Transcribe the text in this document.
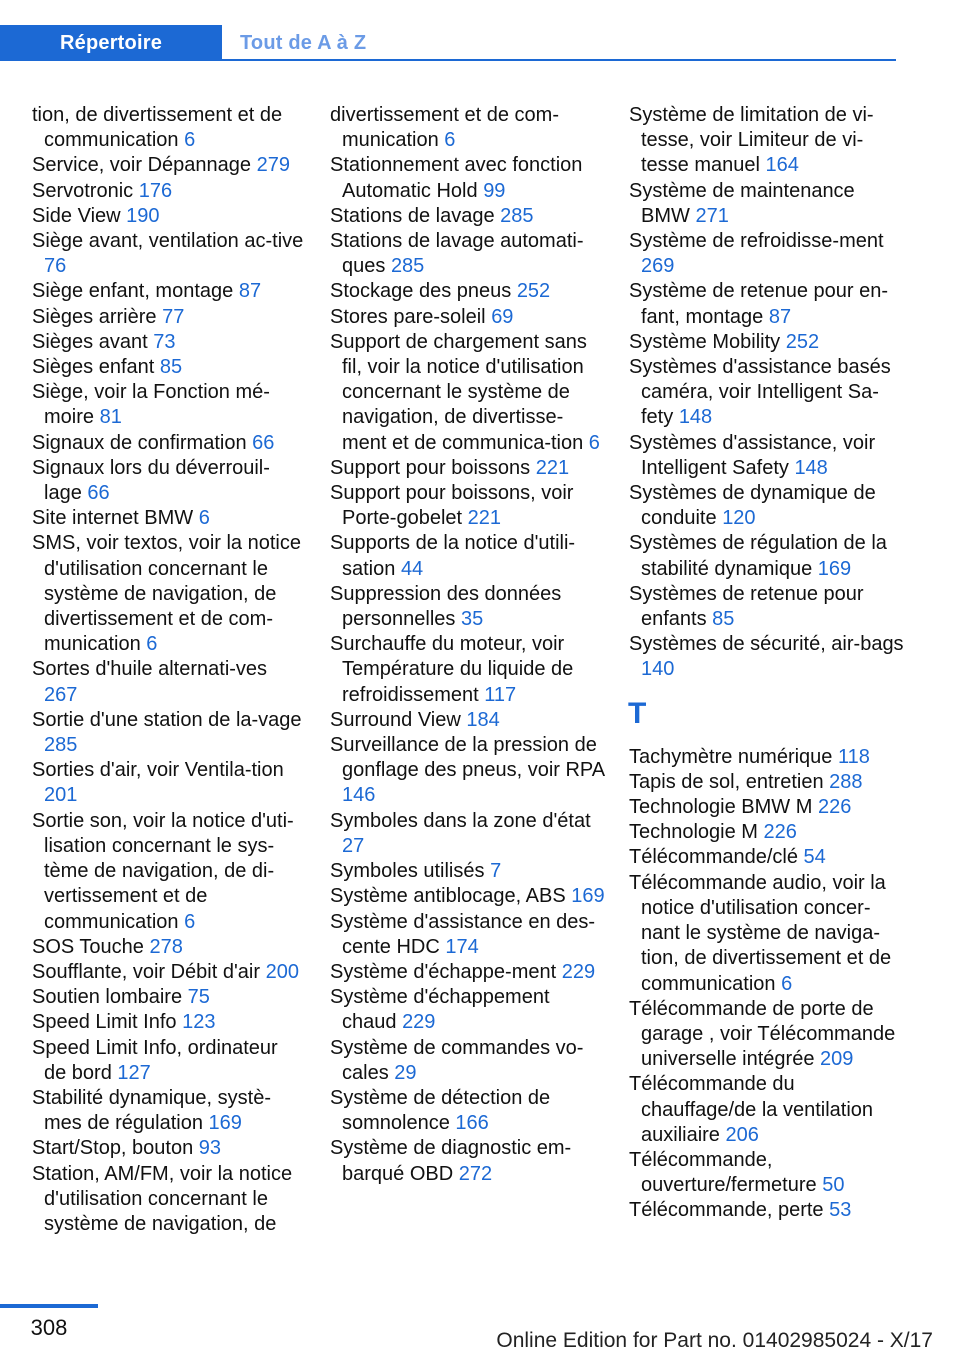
Répertoire	Tout de A à Z
tion, de divertissement et de communication 6
Service, voir Dépannage 279
Servotronic 176
Side View 190
Siège avant, ventilation ac‐tive 76
Siège enfant, montage 87
Sièges arrière 77
Sièges avant 73
Sièges enfant 85
Siège, voir la Fonction mé‐moire 81
Signaux de confirmation 66
Signaux lors du déverrouil‐lage 66
Site internet BMW 6
SMS, voir textos, voir la notice d'utilisation concernant le système de navigation, de divertissement et de com‐munication 6
Sortes d'huile alternati‐ves 267
Sortie d'une station de la‐vage 285
Sorties d'air, voir Ventila‐tion 201
Sortie son, voir la notice d'uti‐lisation concernant le sys‐tème de navigation, de di‐vertissement et de communication 6
SOS Touche 278
Soufflante, voir Débit d'air 200
Soutien lombaire 75
Speed Limit Info 123
Speed Limit Info, ordinateur de bord 127
Stabilité dynamique, systè‐mes de régulation 169
Start/Stop, bouton 93
Station, AM/FM, voir la notice d'utilisation concernant le système de navigation, de
divertissement et de com‐munication 6
Stationnement avec fonction Automatic Hold 99
Stations de lavage 285
Stations de lavage automati‐ques 285
Stockage des pneus 252
Stores pare-soleil 69
Support de chargement sans fil, voir la notice d'utilisation concernant le système de navigation, de divertisse‐ment et de communica‐tion 6
Support pour boissons 221
Support pour boissons, voir Porte-gobelet 221
Supports de la notice d'utili‐sation 44
Suppression des données personnelles 35
Surchauffe du moteur, voir Température du liquide de refroidissement 117
Surround View 184
Surveillance de la pression de gonflage des pneus, voir RPA 146
Symboles dans la zone d'état 27
Symboles utilisés 7
Système antiblocage, ABS 169
Système d'assistance en des‐cente HDC 174
Système d'échappe‐ment 229
Système d'échappement chaud 229
Système de commandes vo‐cales 29
Système de détection de somnolence 166
Système de diagnostic em‐barqué OBD 272
Système de limitation de vi‐tesse, voir Limiteur de vi‐tesse manuel 164
Système de maintenance BMW 271
Système de refroidisse‐ment 269
Système de retenue pour en‐fant, montage 87
Système Mobility 252
Systèmes d'assistance basés caméra, voir Intelligent Sa‐fety 148
Systèmes d'assistance, voir Intelligent Safety 148
Systèmes de dynamique de conduite 120
Systèmes de régulation de la stabilité dynamique 169
Systèmes de retenue pour enfants 85
Systèmes de sécurité, air‐bags 140
T
Tachymètre numérique 118
Tapis de sol, entretien 288
Technologie BMW M 226
Technologie M 226
Télécommande/clé 54
Télécommande audio, voir la notice d'utilisation concer‐nant le système de naviga‐tion, de divertissement et de communication 6
Télécommande de porte de garage , voir Télécommande universelle intégrée 209
Télécommande du chauffage/de la ventilation auxiliaire 206
Télécommande, ouverture/fermeture 50
Télécommande, perte 53
308
Online Edition for Part no. 01402985024 - X/17
